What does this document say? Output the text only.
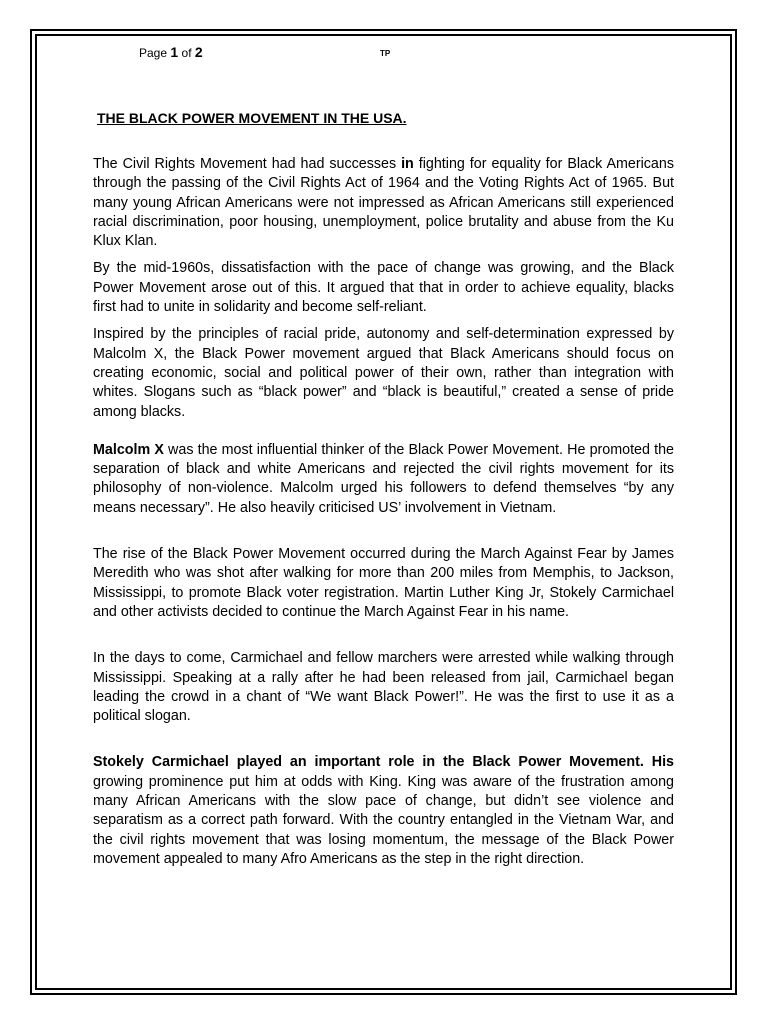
Page 1 of 2	TP
THE BLACK POWER MOVEMENT IN THE USA.

The Civil Rights Movement had had successes in fighting for equality for Black Americans through the passing of the Civil Rights Act of 1964 and the Voting Rights Act of 1965. But many young African Americans were not impressed as African Americans still experienced racial discrimination, poor housing, unemployment, police brutality and abuse from the Ku Klux Klan.

By the mid-1960s, dissatisfaction with the pace of change was growing, and the Black Power Movement arose out of this. It argued that that in order to achieve equality, blacks first had to unite in solidarity and become self-reliant.

Inspired by the principles of racial pride, autonomy and self-determination expressed by Malcolm X, the Black Power movement argued that Black Americans should focus on creating economic, social and political power of their own, rather than integration with whites. Slogans such as “black power” and “black is beautiful,” created a sense of pride among blacks.

Malcolm X was the most influential thinker of the Black Power Movement. He promoted the separation of black and white Americans and rejected the civil rights movement for its philosophy of non-violence. Malcolm urged his followers to defend themselves “by any means necessary”. He also heavily criticised US’ involvement in Vietnam.

The rise of the Black Power Movement occurred during the March Against Fear by James Meredith who was shot after walking for more than 200 miles from Memphis, to Jackson, Mississippi, to promote Black voter registration. Martin Luther King Jr, Stokely Carmichael and other activists decided to continue the March Against Fear in his name.

In the days to come, Carmichael and fellow marchers were arrested while walking through Mississippi. Speaking at a rally after he had been released from jail, Carmichael began leading the crowd in a chant of “We want Black Power!”. He was the first to use it as a political slogan.

Stokely Carmichael played an important role in the Black Power Movement. His growing prominence put him at odds with King. King was aware of the frustration among many African Americans with the slow pace of change, but didn’t see violence and separatism as a correct path forward. With the country entangled in the Vietnam War, and the civil rights movement that was losing momentum, the message of the Black Power movement appealed to many Afro Americans as the step in the right direction.
